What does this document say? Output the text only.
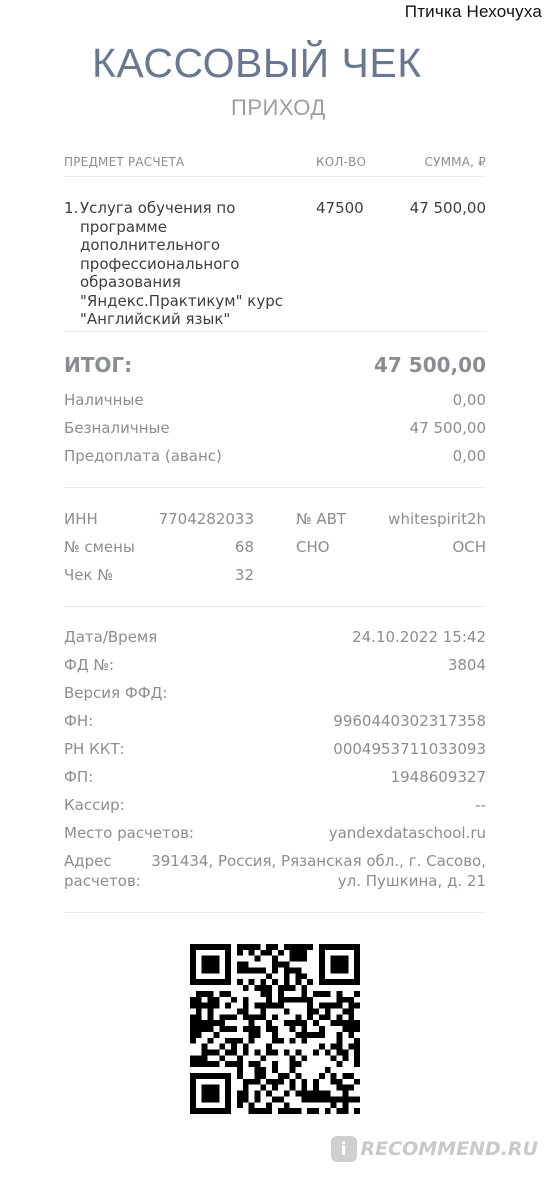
Птичка Нехочуха
КАССОВЫЙ ЧЕК
ПРИХОД
ПРЕДМЕТ РАСЧЕТА	КОЛ-ВО	СУММА, ₽
1. Услуга обучения по программе дополнительного профессионального образования "Яндекс.Практикум" курс "Английский язык"
47500	47 500,00
ИТОГ:	47 500,00
Наличные	0,00
Безналичные	47 500,00
Предоплата (аванс)	0,00
ИНН	7704282033	№ АВТ	whitespirit2h
№ смены	68	СНО	ОСН
Чек №	32
Дата/Время	24.10.2022 15:42
ФД №:	3804
Версия ФФД:
ФН:	9960440302317358
РН ККТ:	0004953711033093
ФП:	1948609327
Кассир:	--
Место расчетов:	yandexdataschool.ru
Адрес
расчетов:
391434, Россия, Рязанская обл., г. Сасово,
ул. Пушкина, д. 21
i RECOMMEND.RU
